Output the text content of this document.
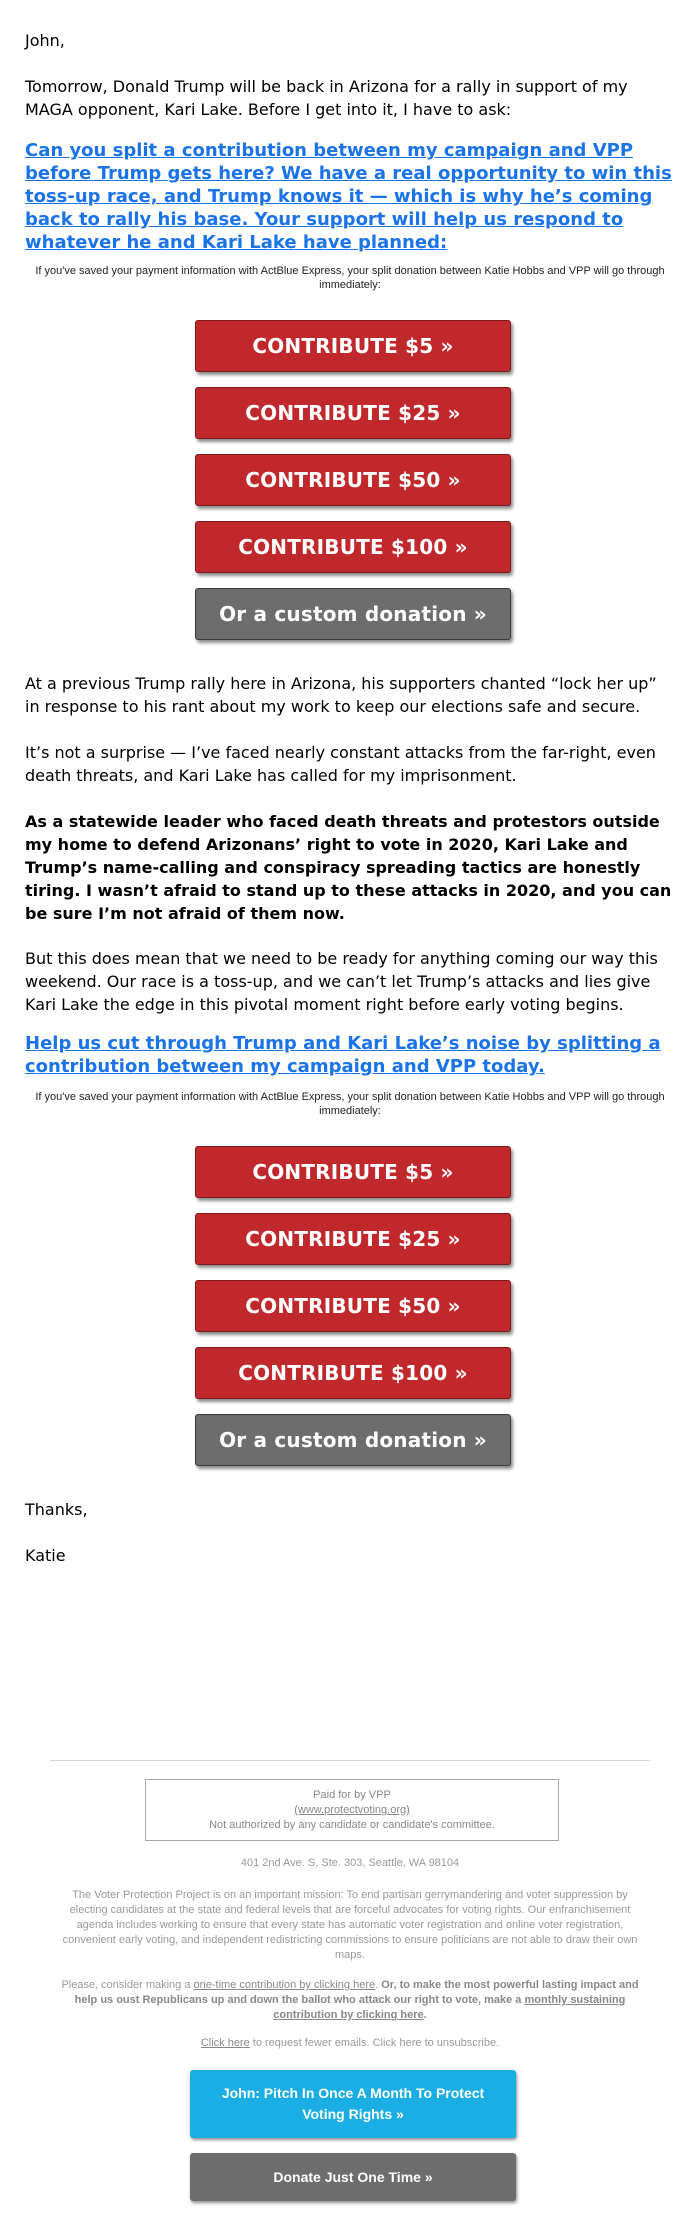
John,

Tomorrow, Donald Trump will be back in Arizona for a rally in support of my MAGA opponent, Kari Lake. Before I get into it, I have to ask:

Can you split a contribution between my campaign and VPP before Trump gets here? We have a real opportunity to win this toss-up race, and Trump knows it — which is why he’s coming back to rally his base. Your support will help us respond to whatever he and Kari Lake have planned:

If you've saved your payment information with ActBlue Express, your split donation between Katie Hobbs and VPP will go through immediately:

CONTRIBUTE $5 »
CONTRIBUTE $25 »
CONTRIBUTE $50 »
CONTRIBUTE $100 »
Or a custom donation »

At a previous Trump rally here in Arizona, his supporters chanted “lock her up” in response to his rant about my work to keep our elections safe and secure.

It’s not a surprise — I’ve faced nearly constant attacks from the far-right, even death threats, and Kari Lake has called for my imprisonment.

As a statewide leader who faced death threats and protestors outside my home to defend Arizonans’ right to vote in 2020, Kari Lake and Trump’s name-calling and conspiracy spreading tactics are honestly tiring. I wasn’t afraid to stand up to these attacks in 2020, and you can be sure I’m not afraid of them now.

But this does mean that we need to be ready for anything coming our way this weekend. Our race is a toss-up, and we can’t let Trump’s attacks and lies give Kari Lake the edge in this pivotal moment right before early voting begins.

Help us cut through Trump and Kari Lake’s noise by splitting a contribution between my campaign and VPP today.

If you've saved your payment information with ActBlue Express, your split donation between Katie Hobbs and VPP will go through immediately:

CONTRIBUTE $5 »
CONTRIBUTE $25 »
CONTRIBUTE $50 »
CONTRIBUTE $100 »
Or a custom donation »

Thanks,

Katie

Paid for by VPP
(www.protectvoting.org)
Not authorized by any candidate or candidate's committee.

401 2nd Ave. S, Ste. 303, Seattle, WA 98104

The Voter Protection Project is on an important mission: To end partisan gerrymandering and voter suppression by electing candidates at the state and federal levels that are forceful advocates for voting rights. Our enfranchisement agenda includes working to ensure that every state has automatic voter registration and online voter registration, convenient early voting, and independent redistricting commissions to ensure politicians are not able to draw their own maps.

Please, consider making a one-time contribution by clicking here. Or, to make the most powerful lasting impact and help us oust Republicans up and down the ballot who attack our right to vote, make a monthly sustaining contribution by clicking here.

Click here to request fewer emails. Click here to unsubscribe.

John: Pitch In Once A Month To Protect Voting Rights »
Donate Just One Time »
